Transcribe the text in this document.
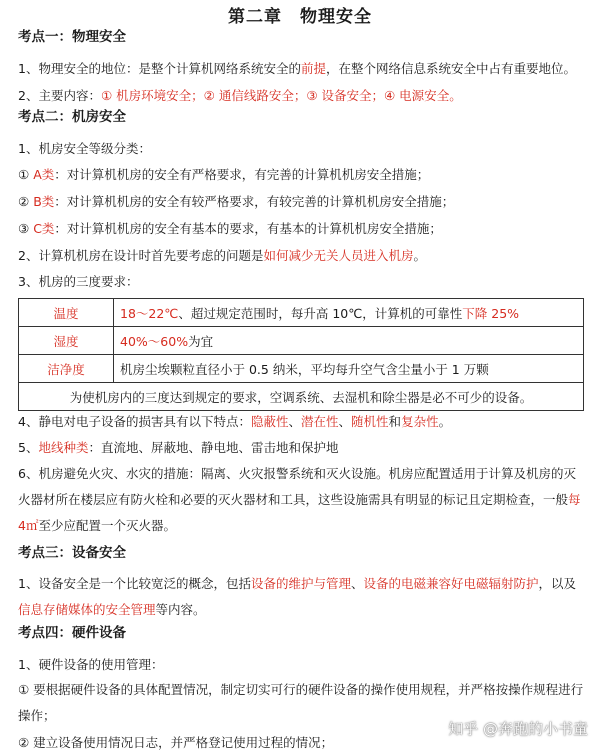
第二章　物理安全
考点一：物理安全
1、物理安全的地位：是整个计算机网络系统安全的前提，在整个网络信息系统安全中占有重要地位。
2、主要内容：① 机房环境安全；② 通信线路安全；③ 设备安全；④ 电源安全。
考点二：机房安全
1、机房安全等级分类：
① A类：对计算机机房的安全有严格要求，有完善的计算机机房安全措施；
② B类：对计算机机房的安全有较严格要求，有较完善的计算机机房安全措施；
③ C类：对计算机机房的安全有基本的要求，有基本的计算机机房安全措施；
2、计算机机房在设计时首先要考虑的问题是如何减少无关人员进入机房。
3、机房的三度要求：
温度	18～22℃、超过规定范围时，每升高 10℃，计算机的可靠性下降 25%
湿度	40%～60%为宜
洁净度	机房尘埃颗粒直径小于 0.5 纳米，平均每升空气含尘量小于 1 万颗
为使机房内的三度达到规定的要求，空调系统、去湿机和除尘器是必不可少的设备。	
4、静电对电子设备的损害具有以下特点：隐蔽性、潜在性、随机性和复杂性。
5、地线种类：直流地、屏蔽地、静电地、雷击地和保护地
6、机房避免火灾、水灾的措施：隔离、火灾报警系统和灭火设施。机房应配置适用于计算及机房的灭火器材所在楼层应有防火栓和必要的灭火器材和工具，这些设施需具有明显的标记且定期检查，一般每 4㎡至少应配置一个灭火器。
考点三：设备安全
1、设备安全是一个比较宽泛的概念，包括设备的维护与管理、设备的电磁兼容好电磁辐射防护，以及信息存储媒体的安全管理等内容。
考点四：硬件设备
1、硬件设备的使用管理：
① 要根据硬件设备的具体配置情况，制定切实可行的硬件设备的操作使用规程，并严格按操作规程进行操作；
② 建立设备使用情况日志，并严格登记使用过程的情况；
知乎 @奔跑的小书童
